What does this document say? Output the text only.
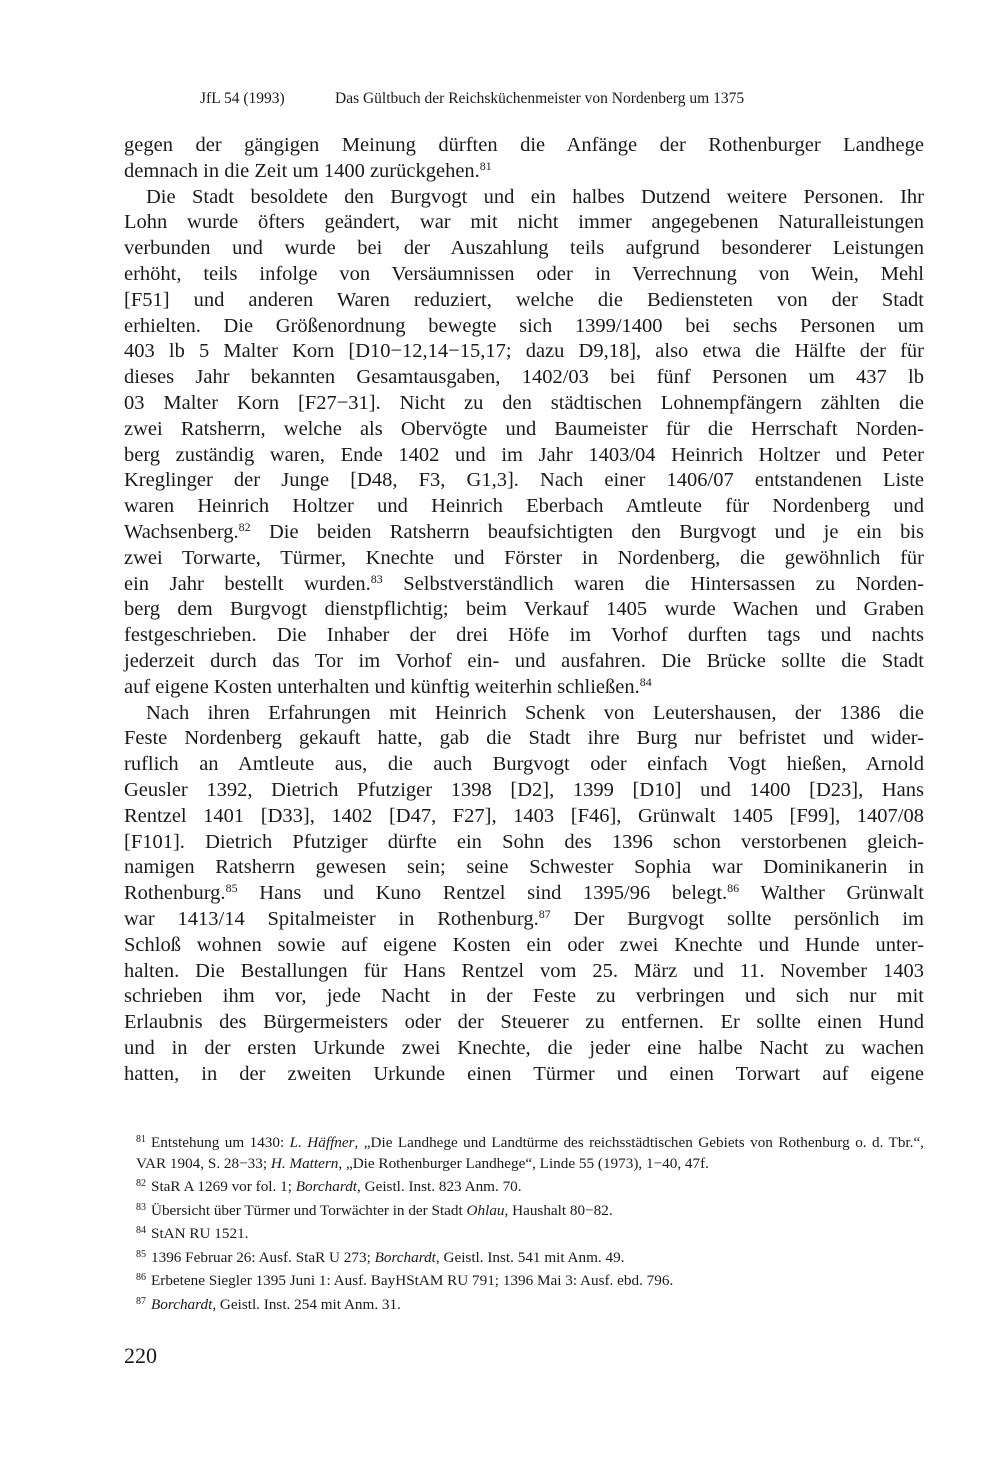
JfL 54 (1993)	Das Gültbuch der Reichsküchenmeister von Nordenberg um 1375
gegen der gängigen Meinung dürften die Anfänge der Rothenburger Landhege
demnach in die Zeit um 1400 zurückgehen.$^{81}$
Die Stadt besoldete den Burgvogt und ein halbes Dutzend weitere Personen. Ihr
Lohn wurde öfters geändert, war mit nicht immer angegebenen Naturalleistungen
verbunden und wurde bei der Auszahlung teils aufgrund besonderer Leistungen
erhöht, teils infolge von Versäumnissen oder in Verrechnung von Wein, Mehl
[F51] und anderen Waren reduziert, welche die Bediensteten von der Stadt
erhielten. Die Größenordnung bewegte sich 1399/1400 bei sechs Personen um
403 lb 5 Malter Korn [D10−12,14−15,17; dazu D9,18], also etwa die Hälfte der für
dieses Jahr bekannten Gesamtausgaben, 1402/03 bei fünf Personen um 437 lb
03 Malter Korn [F27−31]. Nicht zu den städtischen Lohnempfängern zählten die
zwei Ratsherrn, welche als Obervögte und Baumeister für die Herrschaft Norden-
berg zuständig waren, Ende 1402 und im Jahr 1403/04 Heinrich Holtzer und Peter
Kreglinger der Junge [D48, F3, G1,3]. Nach einer 1406/07 entstandenen Liste
waren Heinrich Holtzer und Heinrich Eberbach Amtleute für Nordenberg und
Wachsenberg.$^{82}$ Die beiden Ratsherrn beaufsichtigten den Burgvogt und je ein bis
zwei Torwarte, Türmer, Knechte und Förster in Nordenberg, die gewöhnlich für
ein Jahr bestellt wurden.$^{83}$ Selbstverständlich waren die Hintersassen zu Norden-
berg dem Burgvogt dienstpflichtig; beim Verkauf 1405 wurde Wachen und Graben
festgeschrieben. Die Inhaber der drei Höfe im Vorhof durften tags und nachts
jederzeit durch das Tor im Vorhof ein- und ausfahren. Die Brücke sollte die Stadt
auf eigene Kosten unterhalten und künftig weiterhin schließen.$^{84}$
Nach ihren Erfahrungen mit Heinrich Schenk von Leutershausen, der 1386 die
Feste Nordenberg gekauft hatte, gab die Stadt ihre Burg nur befristet und wider-
ruflich an Amtleute aus, die auch Burgvogt oder einfach Vogt hießen, Arnold
Geusler 1392, Dietrich Pfutziger 1398 [D2], 1399 [D10] und 1400 [D23], Hans
Rentzel 1401 [D33], 1402 [D47, F27], 1403 [F46], Grünwalt 1405 [F99], 1407/08
[F101]. Dietrich Pfutziger dürfte ein Sohn des 1396 schon verstorbenen gleich-
namigen Ratsherrn gewesen sein; seine Schwester Sophia war Dominikanerin in
Rothenburg.$^{85}$ Hans und Kuno Rentzel sind 1395/96 belegt.$^{86}$ Walther Grünwalt
war 1413/14 Spitalmeister in Rothenburg.$^{87}$ Der Burgvogt sollte persönlich im
Schloß wohnen sowie auf eigene Kosten ein oder zwei Knechte und Hunde unter-
halten. Die Bestallungen für Hans Rentzel vom 25. März und 11. November 1403
schrieben ihm vor, jede Nacht in der Feste zu verbringen und sich nur mit
Erlaubnis des Bürgermeisters oder der Steuerer zu entfernen. Er sollte einen Hund
und in der ersten Urkunde zwei Knechte, die jeder eine halbe Nacht zu wachen
hatten, in der zweiten Urkunde einen Türmer und einen Torwart auf eigene
$^{81}$ Entstehung um 1430: L. Häffner, „Die Landhege und Landtürme des reichsstädtischen Gebiets von Rothenburg o. d. Tbr.“, VAR 1904, S. 28−33; H. Mattern, „Die Rothenburger Landhege“, Linde 55 (1973), 1−40, 47f.
$^{82}$ StaR A 1269 vor fol. 1; Borchardt, Geistl. Inst. 823 Anm. 70.
$^{83}$ Übersicht über Türmer und Torwächter in der Stadt Ohlau, Haushalt 80−82.
$^{84}$ StAN RU 1521.
$^{85}$ 1396 Februar 26: Ausf. StaR U 273; Borchardt, Geistl. Inst. 541 mit Anm. 49.
$^{86}$ Erbetene Siegler 1395 Juni 1: Ausf. BayHStAM RU 791; 1396 Mai 3: Ausf. ebd. 796.
$^{87}$ Borchardt, Geistl. Inst. 254 mit Anm. 31.
220
